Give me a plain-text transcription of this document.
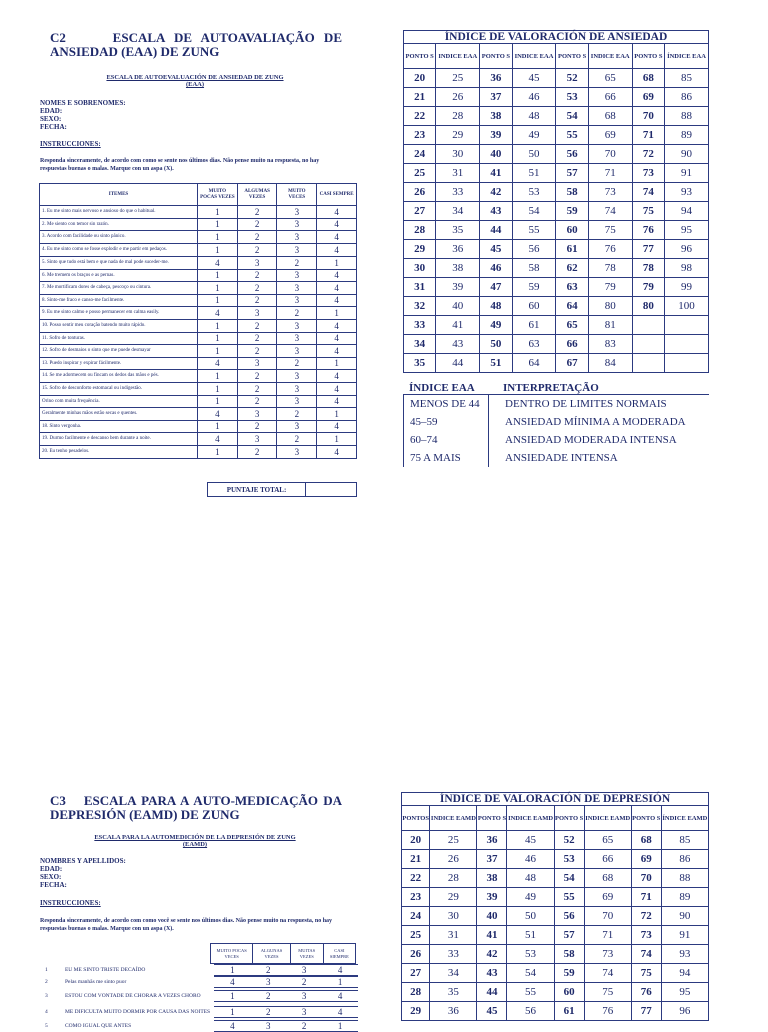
C2	ESCALA DE AUTOAVALIAÇÃO DE
ANSIEDAD (EAA) DE ZUNG
ESCALA DE AUTOEVALUACIÓN DE ANSIEDAD DE ZUNG
(EAA)
NOMES E SOBRENOMES:
EDAD:
SEXO:
FECHA:
INSTRUCCIONES:
Responda sinceramente, de acordo com como se sente nos últimos dias. Não pense muito na respuesta, no hay respuestas buenas o malas. Marque con un aspa (X).
ITEMES	MUITO POCAS VEZES	ALGUMAS VEZES	MUITO VECES	CASI SEMPRE
1. Eu me sinto mais nervoso e ansioso do que o habitual.	1	2	3	4
2. Me siento con temor sin razón.	1	2	3	4
3. Acordo com facilidade ou sinto pânico.	1	2	3	4
4. Eu me sinto como se fosse explodir e me partir em pedaços.	1	2	3	4
5. Sinto que tudo está bem e que nada de mal pode suceder-me.	4	3	2	1
6. Me tremem os braços e as pernas.	1	2	3	4
7. Me mortificam dores de cabeça, pescoço ou cintura.	1	2	3	4
8. Sinto-me fraco e canso-me facilmente.	1	2	3	4
9. Eu me sinto calmo e posso permanecer em calma easily.	4	3	2	1
10. Posso sentir meu coração batendo muito rápido.	1	2	3	4
11. Sofro de tonturas.	1	2	3	4
12. Sofro de desmaios o sinto que me puede desmayar	1	2	3	4
13. Puedo inspirar y expirar fácilmente.	4	3	2	1
14. Se me adormecem ou fincam os dedos das mãos e pés.	1	2	3	4
15. Sofro de desconforto estomacal ou indigestão.	1	2	3	4
Orino com muita frequência.	1	2	3	4
Geralmente minhas mãos estão secas e quentes.	4	3	2	1
18. Sinto vergonha.	1	2	3	4
19. Durmo facilmente e descanso bem durante a noite.	4	3	2	1
20. Eu tenho pesadelos.	1	2	3	4
PUNTAJE TOTAL:	
ÍNDICE DE VALORACIÓN DE ANSIEDAD
PONTO S	INDICE EAA	PONTO S	INDICE EAA	PONTO S	INDICE EAA	PONTO S	ÍNDICE EAA
20	25	36	45	52	65	68	85
21	26	37	46	53	66	69	86
22	28	38	48	54	68	70	88
23	29	39	49	55	69	71	89
24	30	40	50	56	70	72	90
25	31	41	51	57	71	73	91
26	33	42	53	58	73	74	93
27	34	43	54	59	74	75	94
28	35	44	55	60	75	76	95
29	36	45	56	61	76	77	96
30	38	46	58	62	78	78	98
31	39	47	59	63	79	79	99
32	40	48	60	64	80	80	100
33	41	49	61	65	81		
34	43	50	63	66	83		
35	44	51	64	67	84		
ÍNDICE EAA	INTERPRETAÇÃO
MENOS DE 44	DENTRO DE LIMITES NORMAIS
45–59	ANSIEDAD MÍINIMA A MODERADA
60–74	ANSIEDAD MODERADA INTENSA
75 A MAIS	ANSIEDADE INTENSA
C3 ESCALA PARA A AUTO-MEDICAÇÃO DA
DEPRESIÓN (EAMD) DE ZUNG
ESCALA PARA LA AUTOMEDICIÓN DE LA DEPRESIÓN DE ZUNG
(EAMD)
NOMBRES Y APELLIDOS:
EDAD:
SEXO:
FECHA:
INSTRUCCIONES:
Responda sinceramente, de acordo com como você se sente nos últimos dias. Não pense muito na respuesta, no hay respuestas buenas o malas. Marque con un aspa (X).
MUITO POCAS VECES	ALGUNAS VEZES	MUITAS VEZES	CASI SIEMPRE
1	EU ME SINTO TRISTE DECAÍDO	1	2	3	4
2	Pelas manhãs me sinto puor	4	3	2	1
3	ESTOU COM VONTADE DE CHORAR A VEZES CHORO	1	2	3	4
4	ME DIFICULTA MUITO DORMIR POR CAUSA DAS NOITES	1	2	3	4
5	COMO IGUAL QUE ANTES	4	3	2	1
ÍNDICE DE VALORACIÓN DE DEPRESIÓN
PONTOS	INDICE EAMD	PONTO S	INDICE EAMD	PONTO S	INDICE EAMD	PONTO S	ÍNDICE EAMD
20	25	36	45	52	65	68	85
21	26	37	46	53	66	69	86
22	28	38	48	54	68	70	88
23	29	39	49	55	69	71	89
24	30	40	50	56	70	72	90
25	31	41	51	57	71	73	91
26	33	42	53	58	73	74	93
27	34	43	54	59	74	75	94
28	35	44	55	60	75	76	95
29	36	45	56	61	76	77	96
